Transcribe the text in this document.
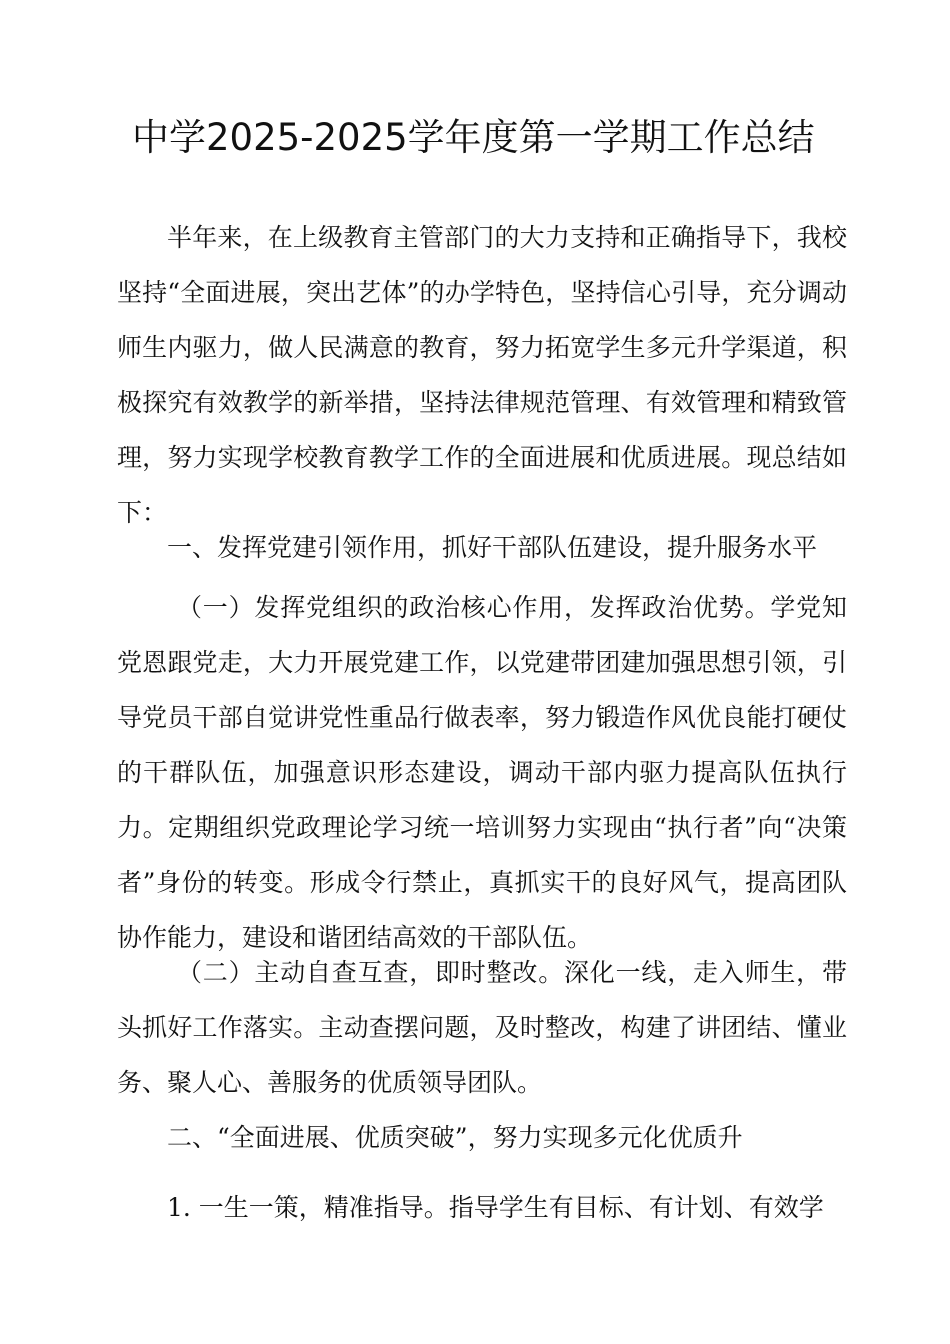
中学2025-2025学年度第一学期工作总结

半年来，在上级教育主管部门的大力支持和正确指导下，我校坚持“全面进展，突出艺体”的办学特色，坚持信心引导，充分调动师生内驱力，做人民满意的教育，努力拓宽学生多元升学渠道，积极探究有效教学的新举措，坚持法律规范管理、有效管理和精致管理，努力实现学校教育教学工作的全面进展和优质进展。现总结如下：

一、发挥党建引领作用，抓好干部队伍建设，提升服务水平

（一）发挥党组织的政治核心作用，发挥政治优势。学党知党恩跟党走，大力开展党建工作，以党建带团建加强思想引领，引导党员干部自觉讲党性重品行做表率，努力锻造作风优良能打硬仗的干群队伍，加强意识形态建设，调动干部内驱力提高队伍执行力。定期组织党政理论学习统一培训努力实现由“执行者”向“决策者”身份的转变。形成令行禁止，真抓实干的良好风气，提高团队协作能力，建设和谐团结高效的干部队伍。

（二）主动自查互查，即时整改。深化一线，走入师生，带头抓好工作落实。主动查摆问题，及时整改，构建了讲团结、懂业务、聚人心、善服务的优质领导团队。

二、“全面进展、优质突破”，努力实现多元化优质升

1. 一生一策，精准指导。指导学生有目标、有计划、有效学
